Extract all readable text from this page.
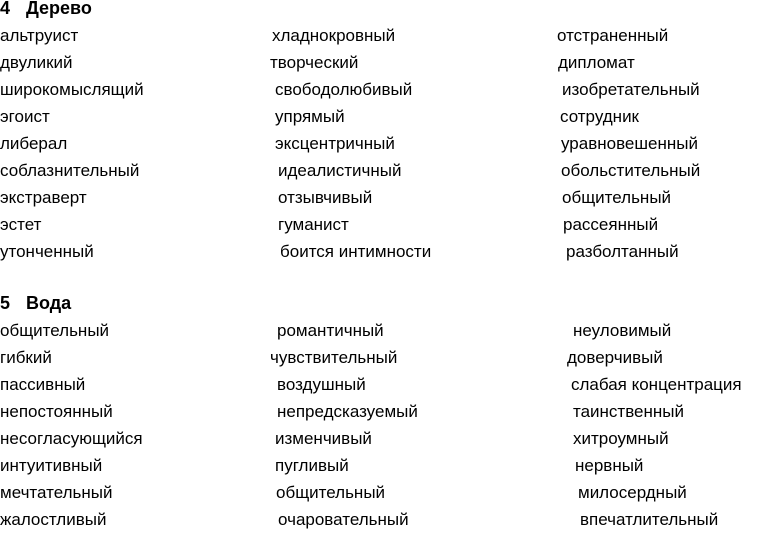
4 Дерево
альтруист	хладнокровный	отстраненный
двуликий	творческий	дипломат
широкомыслящий	свободолюбивый	изобретательный
эгоист	упрямый	сотрудник
либерал	эксцентричный	уравновешенный
соблазнительный	идеалистичный	обольстительный
экстраверт	отзывчивый	общительный
эстет	гуманист	рассеянный
утонченный	боится интимности	разболтанный
5 Вода
общительный	романтичный	неуловимый
гибкий	чувствительный	доверчивый
пассивный	воздушный	слабая концентрация
непостоянный	непредсказуемый	таинственный
несогласующийся	изменчивый	хитроумный
интуитивный	пугливый	нервный
мечтательный	общительный	милосердный
жалостливый	очаровательный	впечатлительный
